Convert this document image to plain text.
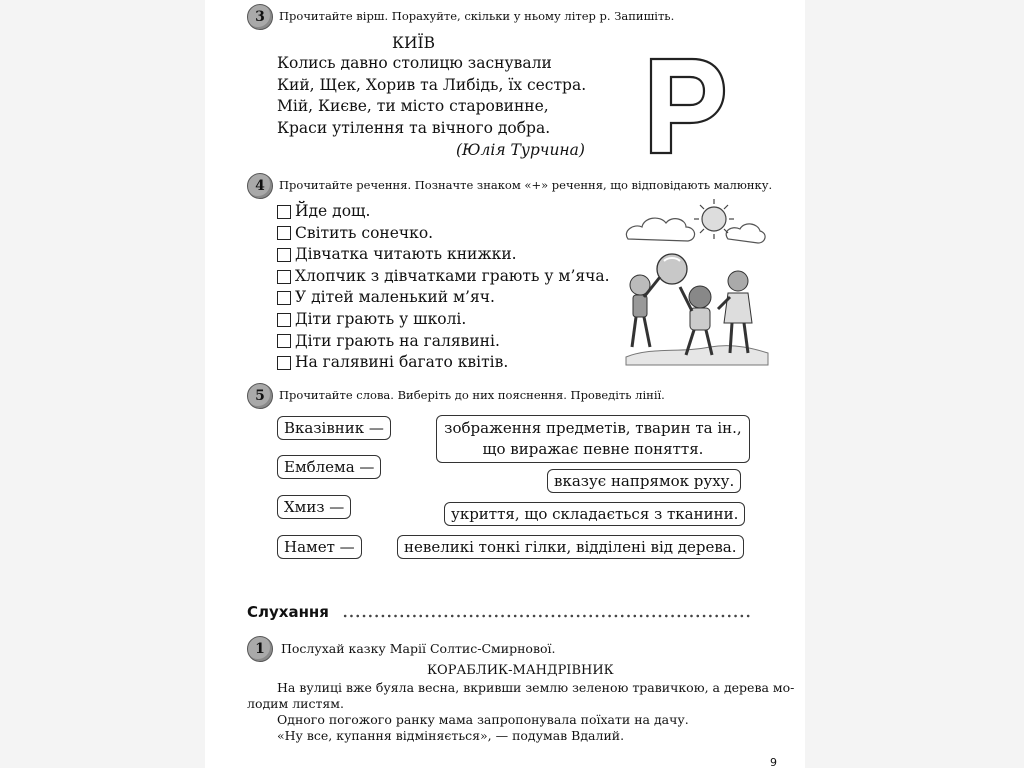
3	Прочитайте вірш. Порахуйте, скільки у ньому літер р. Запишіть.
КИЇВ
Колись давно столицю заснували
Кий, Щек, Хорив та Либідь, їх сестра.
Мій, Києве, ти місто старовинне,
Краси утілення та вічного добра.
(Юлія Турчина)
4	Прочитайте речення. Позначте знаком «+» речення, що відповідають малюнку.
Йде дощ.
Світить сонечко.
Дівчатка читають книжки.
Хлопчик з дівчатками грають у м’яча.
У дітей маленький м’яч.
Діти грають у школі.
Діти грають на галявині.
На галявині багато квітів.
5	Прочитайте слова. Виберіть до них пояснення. Проведіть лінії.
Вказівник —
Емблема —
Хмиз —
Намет —
зображення предметів, тварин та ін.,
що виражає певне поняття.
вказує напрямок руху.
укриття, що складається з тканини.
невеликі тонкі гілки, відділені від дерева.
Слухання
1	Послухай казку Марії Солтис-Смирнової.
КОРАБЛИК-МАНДРІВНИК
На вулиці вже буяла весна, вкривши землю зеленою травичкою, а дерева мо-
лодим листям.
Одного погожого ранку мама запропонувала поїхати на дачу.
«Ну все, купання відміняється», — подумав Вдалий.
9
